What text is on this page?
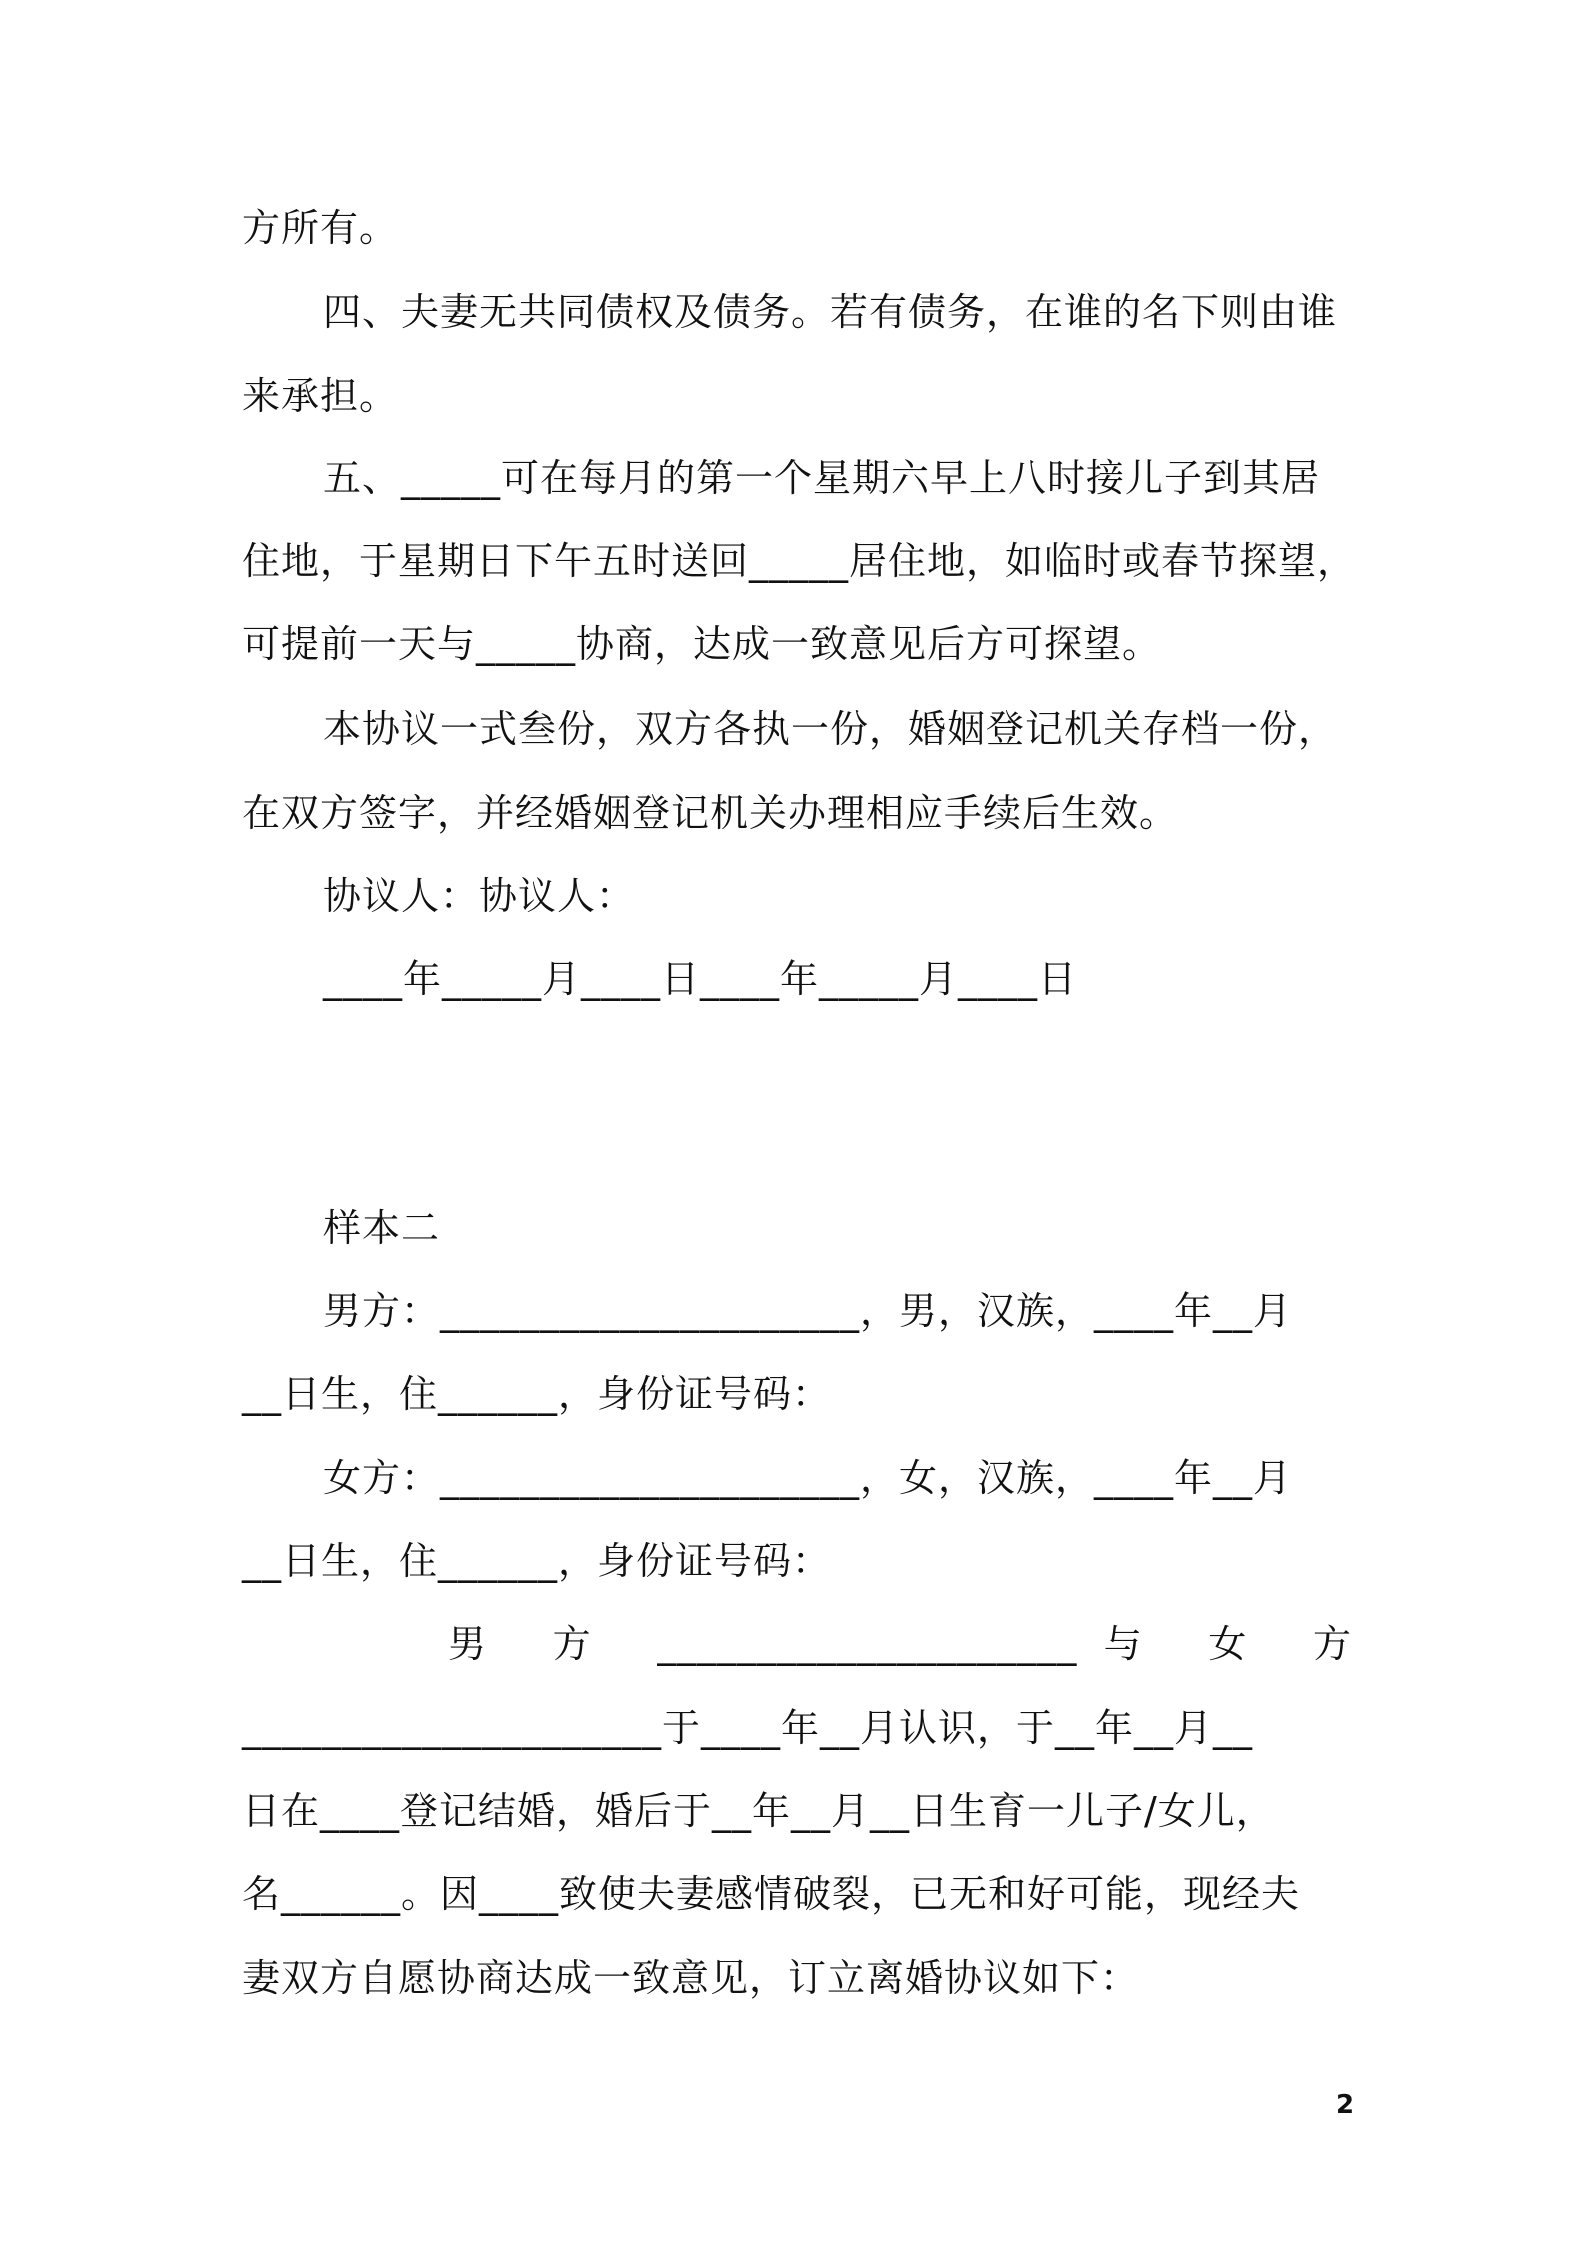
方所有。
四、夫妻无共同债权及债务。若有债务，在谁的名下则由谁
来承担。
五、_____可在每月的第一个星期六早上八时接儿子到其居
住地，于星期日下午五时送回_____居住地，如临时或春节探望，
可提前一天与_____协商，达成一致意见后方可探望。
本协议一式叁份，双方各执一份，婚姻登记机关存档一份，
在双方签字，并经婚姻登记机关办理相应手续后生效。
协议人：协议人：
____年_____月____日____年_____月____日
样本二
男方：_____________________，男，汉族，____年__月
__日生，住______，身份证号码：
女方：_____________________，女，汉族，____年__月
__日生，住______，身份证号码：
男 方 _____________________与 女 方
_____________________于____年__月认识，于__年__月__
日在____登记结婚，婚后于__年__月__日生育一儿子/女儿，
名______。因____致使夫妻感情破裂，已无和好可能，现经夫
妻双方自愿协商达成一致意见，订立离婚协议如下：
2
